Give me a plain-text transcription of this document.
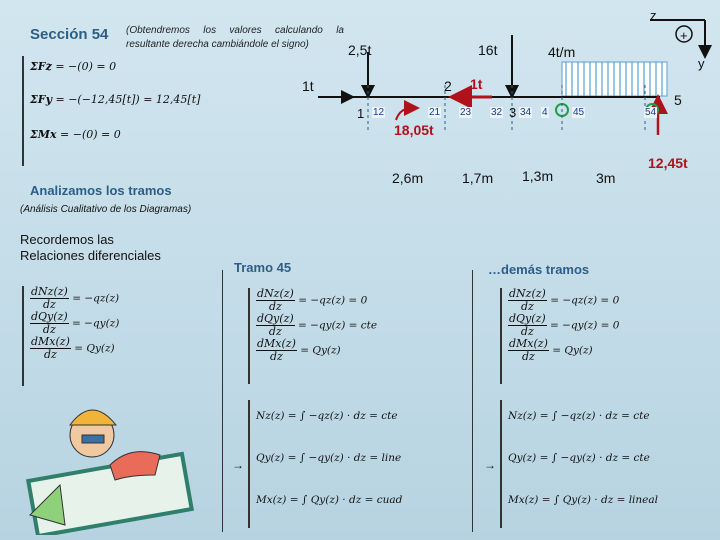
Sección 54 (Obtendremos los valores calculando la resultante derecha cambiándole el signo)
ΣFz = −(0) = 0
ΣFy = −(−12,45[t]) = 12,45[t]
ΣMx = −(0) = 0
2,5t	16t	4t/m
1t	2 1t
18,05t
12,45t
1 12	21 23 32 3 34 4	45
5
54
2,6m	1,7m 1,3m	3m
z
y
+
Analizamos los tramos
(Análisis Cualitativo de los Diagramas)
Recordemos las Relaciones diferenciales
$\frac{\text{dNz(z)}}{dz} = -qz(z)$
$\frac{\text{dQy(z)}}{dz} = -qy(z)$
$\frac{\text{dMx(z)}}{dz} = Qy(z)$
Tramo 45	…demás tramos
$\frac{\text{dNz(z)}}{dz} = -qz(z) = 0$
$\frac{\text{dQy(z)}}{dz} = -qy(z)$ = cte
$\frac{\text{dMx(z)}}{dz} = Qy(z)$
$\frac{\text{dNz(z)}}{dz} = -qz(z) = 0$
$\frac{\text{dQy(z)}}{dz} = -qy(z) = 0$
$\frac{\text{dMx(z)}}{dz} = Qy(z)$
→
Nz(z) = ∫ −qz(z) · dz = cte
Qy(z) = ∫ −qy(z) · dz = line
Mx(z) = ∫ Qy(z) · dz = cuad
→
Nz(z) = ∫ −qz(z) · dz = cte
Qy(z) = ∫ −qy(z) · dz = cte
Mx(z) = ∫ Qy(z) · dz = lineal
